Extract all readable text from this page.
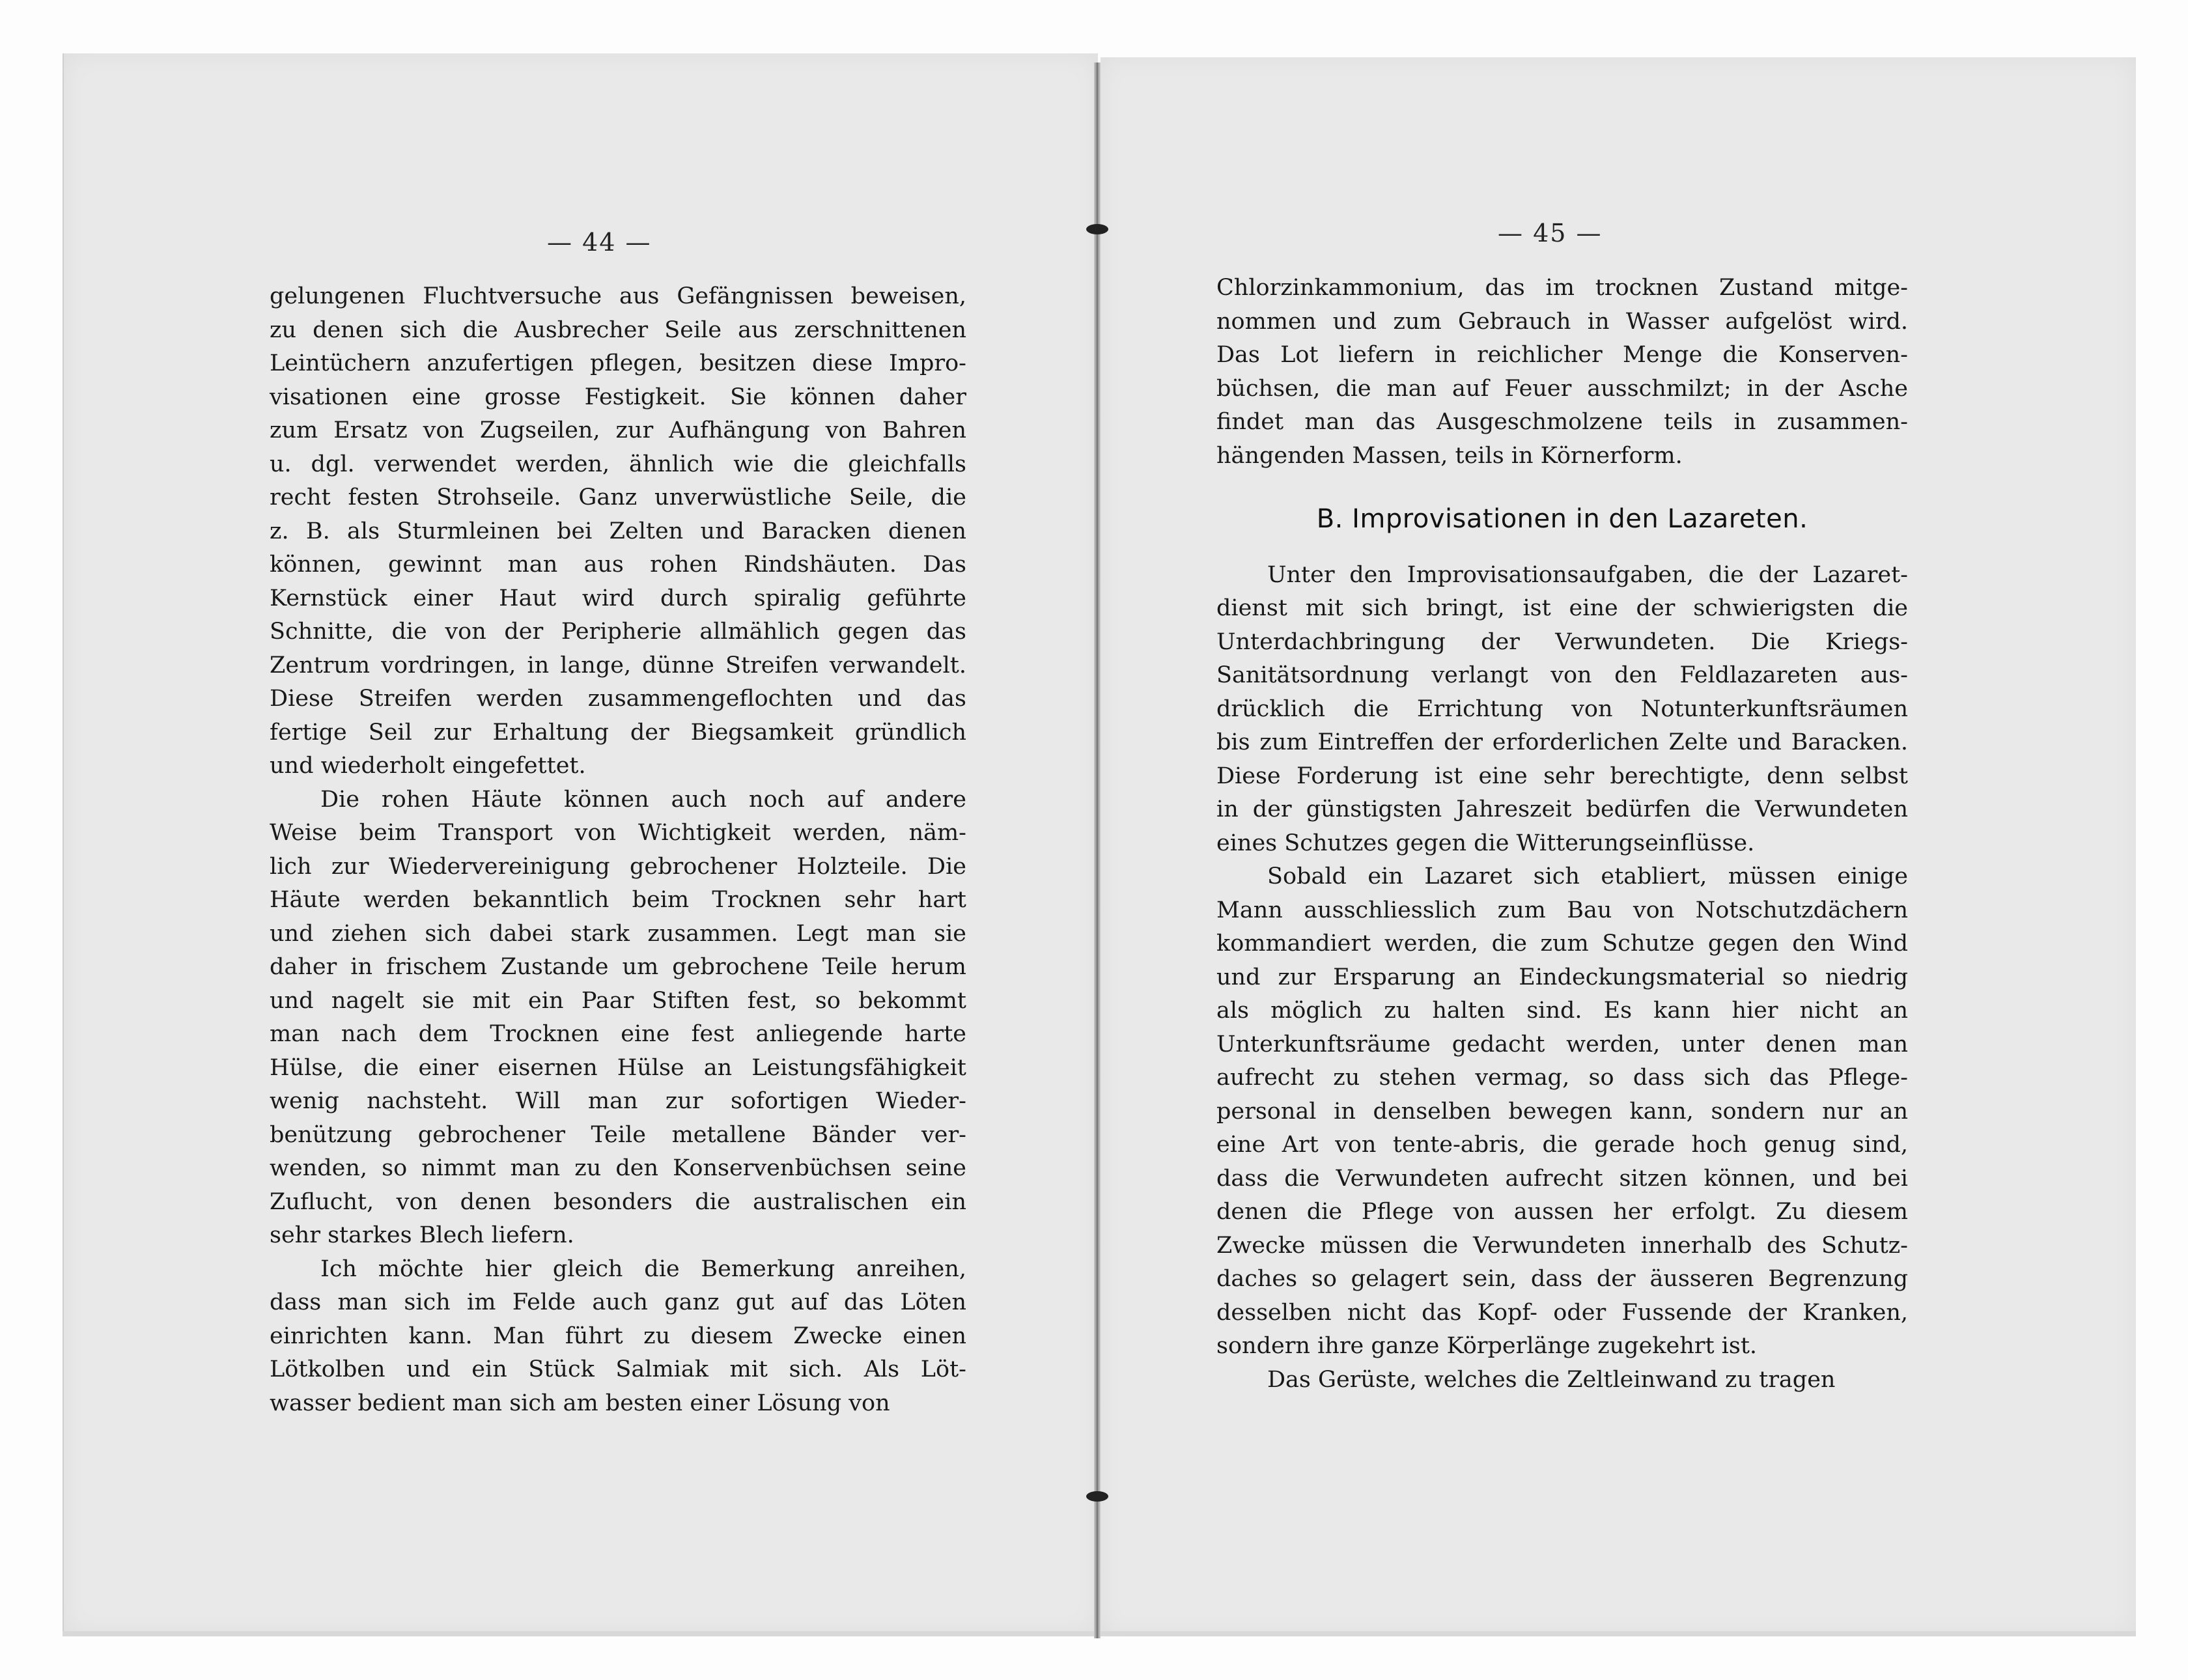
— 44 —	— 45 —
gelungenen Fluchtversuche aus Gefängnissen beweisen,
zu denen sich die Ausbrecher Seile aus zerschnittenen
Leintüchern anzufertigen pflegen, besitzen diese Impro-
visationen eine grosse Festigkeit. Sie können daher
zum Ersatz von Zugseilen, zur Aufhängung von Bahren
u. dgl. verwendet werden, ähnlich wie die gleichfalls
recht festen Strohseile. Ganz unverwüstliche Seile, die
z. B. als Sturmleinen bei Zelten und Baracken dienen
können, gewinnt man aus rohen Rindshäuten. Das
Kernstück einer Haut wird durch spiralig geführte
Schnitte, die von der Peripherie allmählich gegen das
Zentrum vordringen, in lange, dünne Streifen verwandelt.
Diese Streifen werden zusammengeflochten und das
fertige Seil zur Erhaltung der Biegsamkeit gründlich
und wiederholt eingefettet.
Die rohen Häute können auch noch auf andere
Weise beim Transport von Wichtigkeit werden, näm-
lich zur Wiedervereinigung gebrochener Holzteile. Die
Häute werden bekanntlich beim Trocknen sehr hart
und ziehen sich dabei stark zusammen. Legt man sie
daher in frischem Zustande um gebrochene Teile herum
und nagelt sie mit ein Paar Stiften fest, so bekommt
man nach dem Trocknen eine fest anliegende harte
Hülse, die einer eisernen Hülse an Leistungsfähigkeit
wenig nachsteht. Will man zur sofortigen Wieder-
benützung gebrochener Teile metallene Bänder ver-
wenden, so nimmt man zu den Konservenbüchsen seine
Zuflucht, von denen besonders die australischen ein
sehr starkes Blech liefern.
Ich möchte hier gleich die Bemerkung anreihen,
dass man sich im Felde auch ganz gut auf das Löten
einrichten kann. Man führt zu diesem Zwecke einen
Lötkolben und ein Stück Salmiak mit sich. Als Löt-
wasser bedient man sich am besten einer Lösung von
Chlorzinkammonium, das im trocknen Zustand mitge-
nommen und zum Gebrauch in Wasser aufgelöst wird.
Das Lot liefern in reichlicher Menge die Konserven-
büchsen, die man auf Feuer ausschmilzt; in der Asche
findet man das Ausgeschmolzene teils in zusammen-
hängenden Massen, teils in Körnerform.
B. Improvisationen in den Lazareten.
Unter den Improvisationsaufgaben, die der Lazaret-
dienst mit sich bringt, ist eine der schwierigsten die
Unterdachbringung der Verwundeten. Die Kriegs-
Sanitätsordnung verlangt von den Feldlazareten aus-
drücklich die Errichtung von Notunterkunftsräumen
bis zum Eintreffen der erforderlichen Zelte und Baracken.
Diese Forderung ist eine sehr berechtigte, denn selbst
in der günstigsten Jahreszeit bedürfen die Verwundeten
eines Schutzes gegen die Witterungseinflüsse.
Sobald ein Lazaret sich etabliert, müssen einige
Mann ausschliesslich zum Bau von Notschutzdächern
kommandiert werden, die zum Schutze gegen den Wind
und zur Ersparung an Eindeckungsmaterial so niedrig
als möglich zu halten sind. Es kann hier nicht an
Unterkunftsräume gedacht werden, unter denen man
aufrecht zu stehen vermag, so dass sich das Pflege-
personal in denselben bewegen kann, sondern nur an
eine Art von tente-abris, die gerade hoch genug sind,
dass die Verwundeten aufrecht sitzen können, und bei
denen die Pflege von aussen her erfolgt. Zu diesem
Zwecke müssen die Verwundeten innerhalb des Schutz-
daches so gelagert sein, dass der äusseren Begrenzung
desselben nicht das Kopf- oder Fussende der Kranken,
sondern ihre ganze Körperlänge zugekehrt ist.
Das Gerüste, welches die Zeltleinwand zu tragen
